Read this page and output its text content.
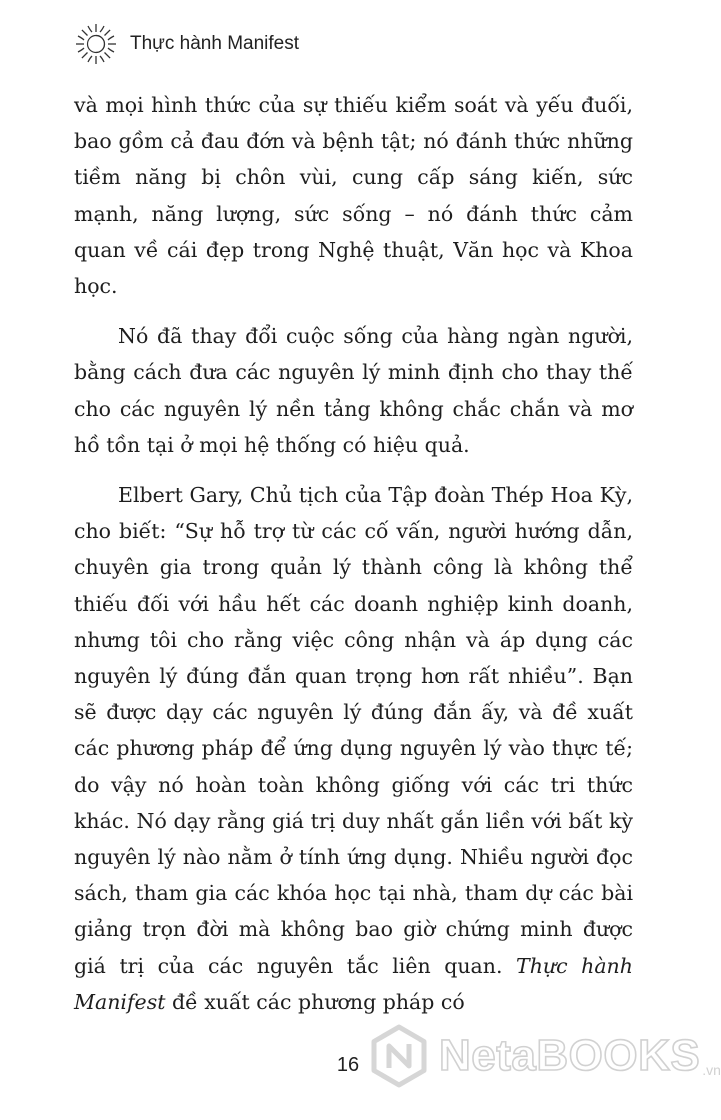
Thực hành Manifest

và mọi hình thức của sự thiếu kiểm soát và yếu đuối, bao gồm cả đau đớn và bệnh tật; nó đánh thức những tiềm năng bị chôn vùi, cung cấp sáng kiến, sức mạnh, năng lượng, sức sống – nó đánh thức cảm quan về cái đẹp trong Nghệ thuật, Văn học và Khoa học.

Nó đã thay đổi cuộc sống của hàng ngàn người, bằng cách đưa các nguyên lý minh định cho thay thế cho các nguyên lý nền tảng không chắc chắn và mơ hồ tồn tại ở mọi hệ thống có hiệu quả.

Elbert Gary, Chủ tịch của Tập đoàn Thép Hoa Kỳ, cho biết: “Sự hỗ trợ từ các cố vấn, người hướng dẫn, chuyên gia trong quản lý thành công là không thể thiếu đối với hầu hết các doanh nghiệp kinh doanh, nhưng tôi cho rằng việc công nhận và áp dụng các nguyên lý đúng đắn quan trọng hơn rất nhiều”. Bạn sẽ được dạy các nguyên lý đúng đắn ấy, và đề xuất các phương pháp để ứng dụng nguyên lý vào thực tế; do vậy nó hoàn toàn không giống với các tri thức khác. Nó dạy rằng giá trị duy nhất gắn liền với bất kỳ nguyên lý nào nằm ở tính ứng dụng. Nhiều người đọc sách, tham gia các khóa học tại nhà, tham dự các bài giảng trọn đời mà không bao giờ chứng minh được giá trị của các nguyên tắc liên quan. Thực hành Manifest đề xuất các phương pháp có

16	NetaBOOKS .vn
